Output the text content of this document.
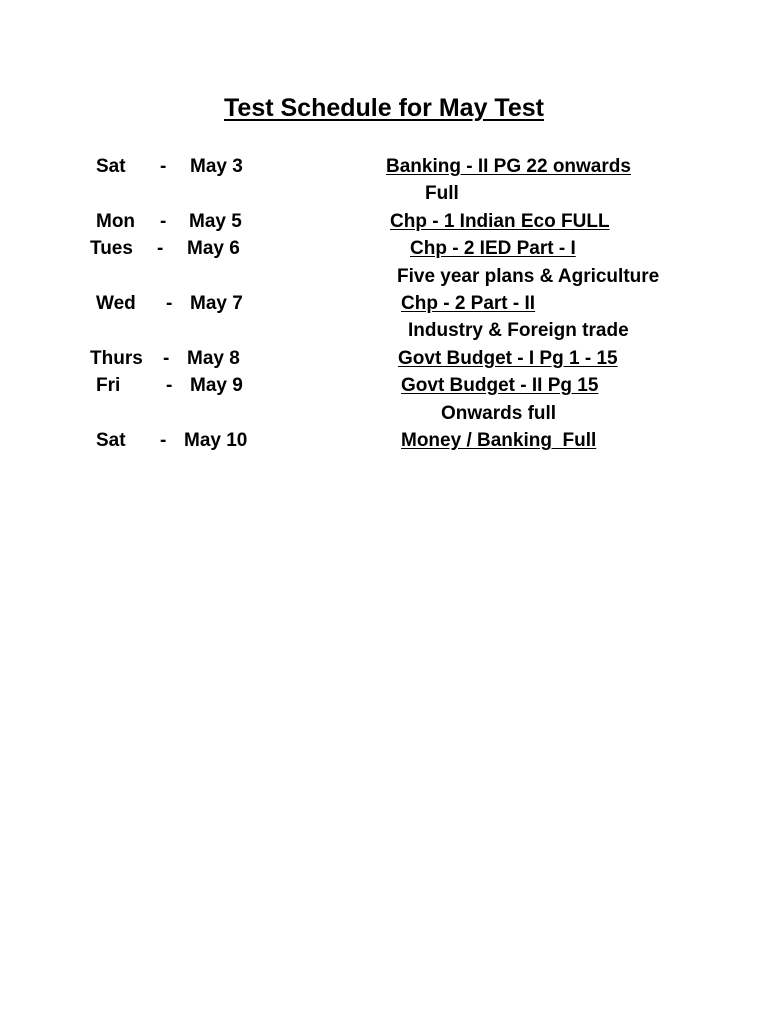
Test Schedule for May Test
Sat - May 3	Banking - II PG 22 onwards
Full
Mon - May 5	Chp - 1 Indian Eco FULL
Tues - May 6	Chp - 2 IED Part - I
Five year plans & Agriculture
Wed - May 7	Chp - 2 Part - II
Industry & Foreign trade
Thurs - May 8	Govt Budget - I Pg 1 - 15
Fri - May 9	Govt Budget - II Pg 15
Onwards full
Sat - May 10	Money / Banking  Full
